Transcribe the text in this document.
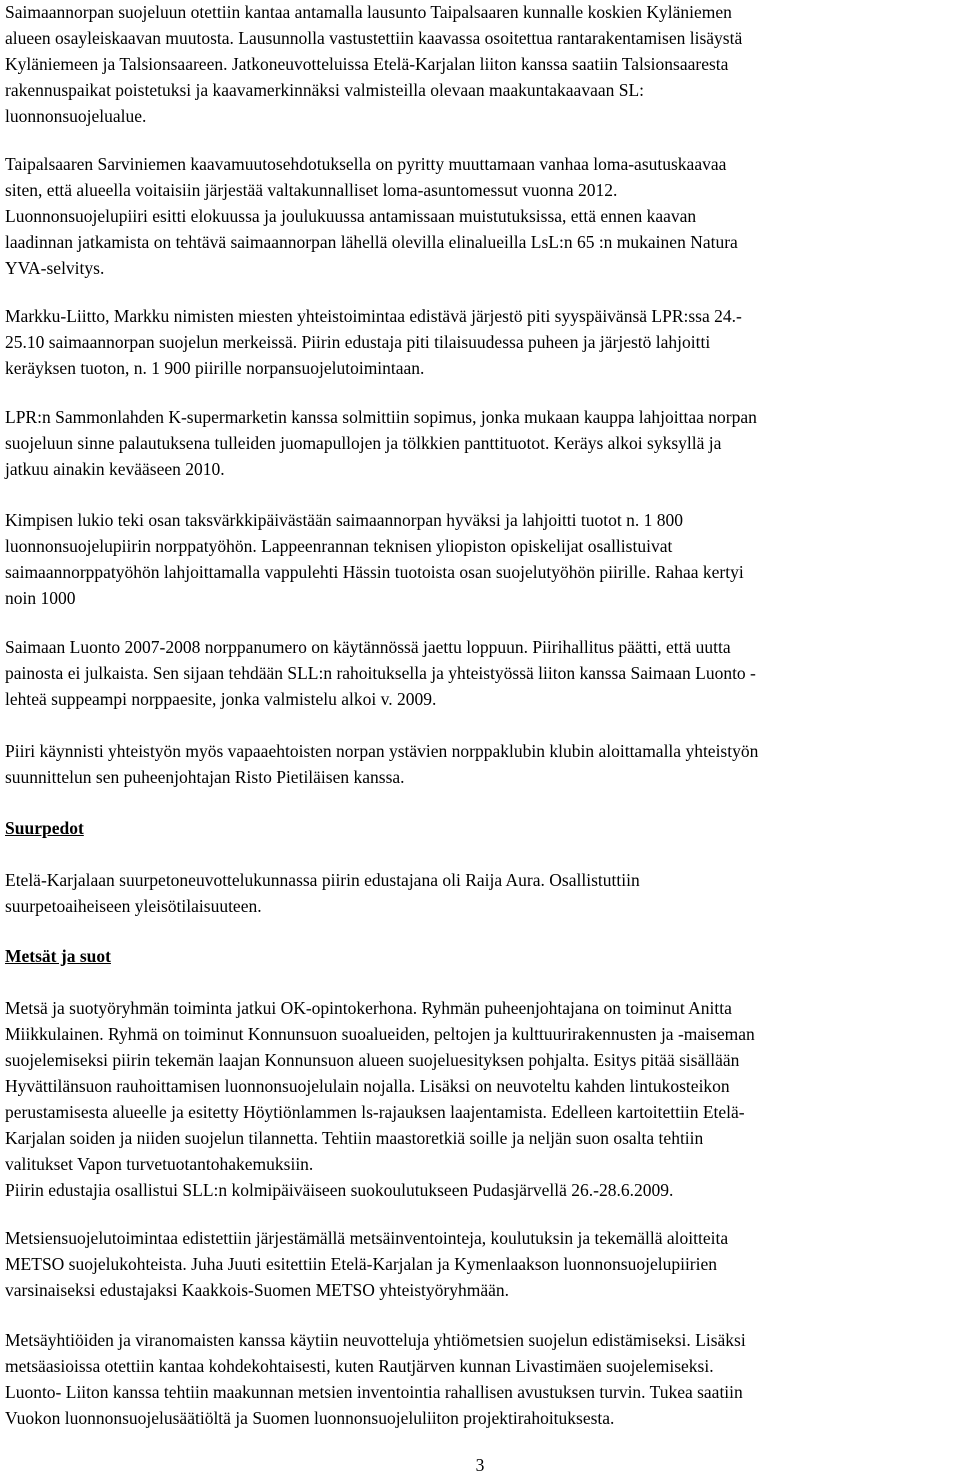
Saimaannorpan suojeluun otettiin kantaa antamalla lausunto Taipalsaaren kunnalle koskien Kyläniemen
alueen osayleiskaavan muutosta. Lausunnolla vastustettiin kaavassa osoitettua rantarakentamisen lisäystä
Kyläniemeen ja Talsionsaareen. Jatkoneuvotteluissa Etelä-Karjalan liiton kanssa saatiin Talsionsaaresta
rakennuspaikat poistetuksi ja kaavamerkinnäksi valmisteilla olevaan maakuntakaavaan SL:
luonnonsuojelualue.

Taipalsaaren Sarviniemen kaavamuutosehdotuksella on pyritty muuttamaan vanhaa loma-asutuskaavaa
siten, että alueella voitaisiin järjestää valtakunnalliset loma-asuntomessut vuonna 2012.
Luonnonsuojelupiiri esitti elokuussa ja joulukuussa antamissaan muistutuksissa, että ennen kaavan
laadinnan jatkamista on tehtävä saimaannorpan lähellä olevilla elinalueilla LsL:n 65 :n mukainen Natura
YVA-selvitys.

Markku-Liitto, Markku nimisten miesten yhteistoimintaa edistävä järjestö piti syyspäivänsä LPR:ssa 24.-
25.10 saimaannorpan suojelun merkeissä. Piirin edustaja piti tilaisuudessa puheen ja järjestö lahjoitti
keräyksen tuoton, n. 1 900 piirille norpansuojelutoimintaan.

LPR:n Sammonlahden K-supermarketin kanssa solmittiin sopimus, jonka mukaan kauppa lahjoittaa norpan
suojeluun sinne palautuksena tulleiden juomapullojen ja tölkkien panttituotot. Keräys alkoi syksyllä ja
jatkuu ainakin kevääseen 2010.

Kimpisen lukio teki osan taksvärkkipäivästään saimaannorpan hyväksi ja lahjoitti tuotot n. 1 800
luonnonsuojelupiirin norppatyöhön. Lappeenrannan teknisen yliopiston opiskelijat osallistuivat
saimaannorppatyöhön lahjoittamalla vappulehti Hässin tuotoista osan suojelutyöhön piirille. Rahaa kertyi
noin 1000

Saimaan Luonto 2007-2008 norppanumero on käytännössä jaettu loppuun. Piirihallitus päätti, että uutta
painosta ei julkaista. Sen sijaan tehdään SLL:n rahoituksella ja yhteistyössä liiton kanssa Saimaan Luonto -
lehteä suppeampi norppaesite, jonka valmistelu alkoi v. 2009.

Piiri käynnisti yhteistyön myös vapaaehtoisten norpan ystävien norppaklubin klubin aloittamalla yhteistyön
suunnittelun sen puheenjohtajan Risto Pietiläisen kanssa.

Suurpedot

Etelä-Karjalaan suurpetoneuvottelukunnassa piirin edustajana oli Raija Aura. Osallistuttiin
suurpetoaiheiseen yleisötilaisuuteen.

Metsät ja suot

Metsä ja suotyöryhmän toiminta jatkui OK-opintokerhona. Ryhmän puheenjohtajana on toiminut Anitta
Miikkulainen. Ryhmä on toiminut Konnunsuon suoalueiden, peltojen ja kulttuurirakennusten ja -maiseman
suojelemiseksi piirin tekemän laajan Konnunsuon alueen suojeluesityksen pohjalta. Esitys pitää sisällään
Hyvättilänsuon rauhoittamisen luonnonsuojelulain nojalla. Lisäksi on neuvoteltu kahden lintukosteikon
perustamisesta alueelle ja esitetty Höytiönlammen ls-rajauksen laajentamista. Edelleen kartoitettiin Etelä-
Karjalan soiden ja niiden suojelun tilannetta. Tehtiin maastoretkiä soille ja neljän suon osalta tehtiin
valitukset Vapon turvetuotantohakemuksiin.
Piirin edustajia osallistui SLL:n kolmipäiväiseen suokoulutukseen Pudasjärvellä 26.-28.6.2009.

Metsiensuojelutoimintaa edistettiin järjestämällä metsäinventointeja, koulutuksin ja tekemällä aloitteita
METSO suojelukohteista. Juha Juuti esitettiin Etelä-Karjalan ja Kymenlaakson luonnonsuojelupiirien
varsinaiseksi edustajaksi Kaakkois-Suomen METSO yhteistyöryhmään.

Metsäyhtiöiden ja viranomaisten kanssa käytiin neuvotteluja yhtiömetsien suojelun edistämiseksi. Lisäksi
metsäasioissa otettiin kantaa kohdekohtaisesti, kuten Rautjärven kunnan Livastimäen suojelemiseksi.
Luonto- Liiton kanssa tehtiin maakunnan metsien inventointia rahallisen avustuksen turvin. Tukea saatiin
Vuokon luonnonsuojelusäätiöltä ja Suomen luonnonsuojeluliiton projektirahoituksesta.

3
